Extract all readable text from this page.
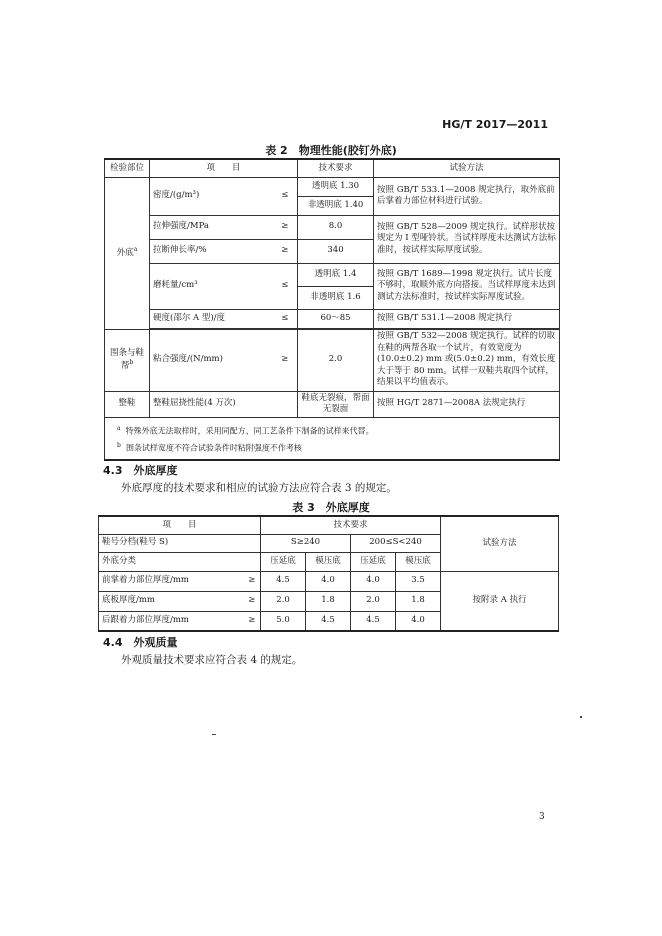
HG/T 2017—2011
表 2　物理性能(胶钉外底)
检验部位	项　　目		技术要求	试验方法
外底$^a$	密度/(g/m³)	≤	透明底 1.30	按照 GB/T 533.1—2008 规定执行，取外底前后掌着力部位材料进行试验。
			非透明底 1.40	
	拉伸强度/MPa	≥	8.0	按照 GB/T 528—2009 规定执行。试样形状按规定为 I 型哑铃状。当试样厚度未达测试方法标准时，按试样实际厚度试验。
	拉断伸长率/%	≥	340	
	磨耗量/cm³	≤	透明底 1.4	按照 GB/T 1689—1998 规定执行。试片长度不够时，取顺外底方向搭接。当试样厚度未达到测试方法标准时，按试样实际厚度试验。
			非透明底 1.6	
	硬度(邵尔 A 型)/度	≤	60～85	按照 GB/T 531.1—2008 规定执行

围条与鞋帮$^b$	粘合强度/(N/mm)	≥	2.0	按照 GB/T 532—2008 规定执行。试样的切取在鞋的两帮各取一个试片，有效宽度为(10.0±0.2) mm 或(5.0±0.2) mm，有效长度大于等于 80 mm。试样一双鞋共取四个试样，结果以平均值表示。
整鞋	整鞋屈挠性能(4 万次)		鞋底无裂痕，帮面无裂面	按照 HG/T 2871—2008A 法规定执行

$^a$ 特殊外底无法取样时，采用同配方、同工艺条件下制备的试样来代替。
$^b$ 围条试样宽度不符合试验条件时粘附强度不作考核				
4.3　外底厚度
外底厚度的技术要求和相应的试验方法应符合表 3 的规定。
表 3　外底厚度
项　　目		技术要求				试验方法
鞋号分档(鞋号 S)		S≥240		200≤S<240		
外底分类		压延底	模压底	压延底	模压底	
前掌着力部位厚度/mm	≥	4.5	4.0	4.0	3.5	按附录 A 执行
底板厚度/mm	≥	2.0	1.8	2.0	1.8	
后跟着力部位厚度/mm	≥	5.0	4.5	4.5	4.0	
4.4　外观质量
外观质量技术要求应符合表 4 的规定。
3
